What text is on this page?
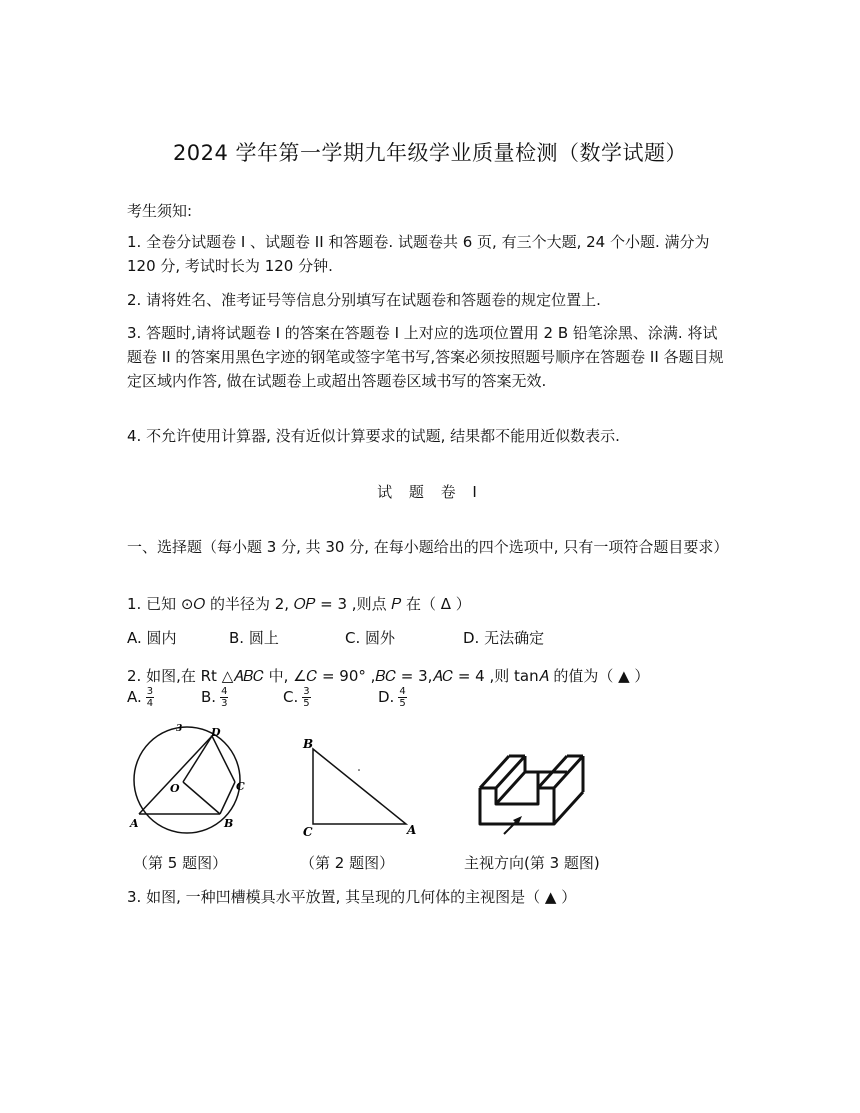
2024 学年第一学期九年级学业质量检测（数学试题）
考生须知:
1. 全卷分试题卷 I 、试题卷 II 和答题卷. 试题卷共 6 页, 有三个大题, 24 个小题. 满分为 120 分, 考试时长为 120 分钟.
2. 请将姓名、准考证号等信息分别填写在试题卷和答题卷的规定位置上.
3. 答题时,请将试题卷 I 的答案在答题卷 I 上对应的选项位置用 2 B 铅笔涂黑、涂满. 将试题卷 II 的答案用黑色字迹的钢笔或签字笔书写,答案必须按照题号顺序在答题卷 II 各题目规定区域内作答, 做在试题卷上或超出答题卷区域书写的答案无效.
4. 不允许使用计算器, 没有近似计算要求的试题, 结果都不能用近似数表示.
试 题 卷 I
一、选择题（每小题 3 分, 共 30 分, 在每小题给出的四个选项中, 只有一项符合题目要求）
1. 已知 ⊙𝑂 的半径为 2, 𝑂𝑃 = 3 ,则点 𝑃 在（ Δ ）
A. 圆内	B. 圆上	C. 圆外	D. 无法确定
2. 如图,在 Rt △𝐴𝐵𝐶 中, ∠𝐶 = 90° ,𝐵𝐶 = 3,𝐴𝐶 = 4 ,则 tan𝐴 的值为（ ▲ ）
A. $\frac{3}{4}$	B. $\frac{4}{3}$	C. $\frac{3}{5}$	D. $\frac{4}{5}$
3	D
O	C
A	B
B
C	A
（第 5 题图）	（第 2 题图）	主视方向(第 3 题图)
3. 如图, 一种凹槽模具水平放置, 其呈现的几何体的主视图是（ ▲ ）
